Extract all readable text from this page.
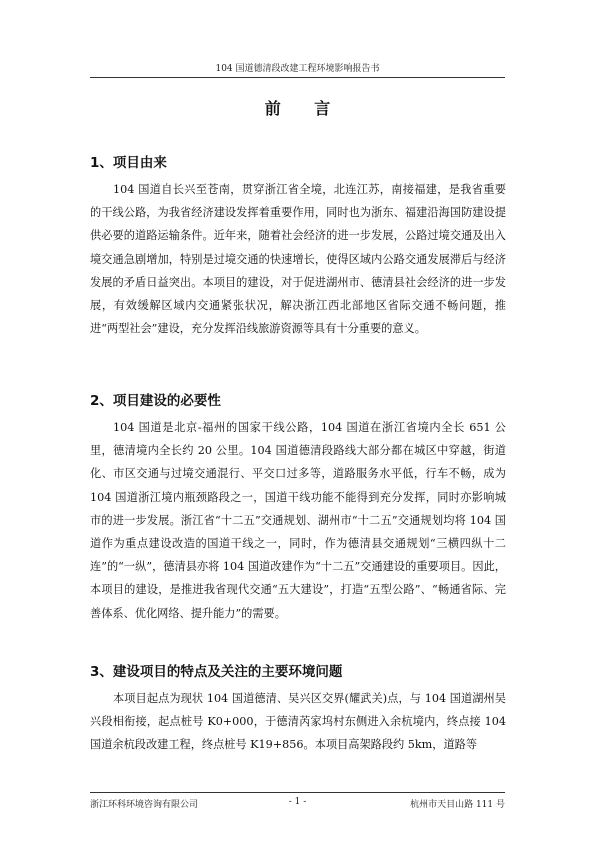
104 国道德清段改建工程环境影响报告书
前 言
1、项目由来

104 国道自长兴至苍南，贯穿浙江省全境，北连江苏，南接福建，是我省重要的干线公路，为我省经济建设发挥着重要作用，同时也为浙东、福建沿海国防建设提供必要的道路运输条件。近年来，随着社会经济的进一步发展，公路过境交通及出入境交通急剧增加，特别是过境交通的快速增长，使得区域内公路交通发展滞后与经济发展的矛盾日益突出。本项目的建设，对于促进湖州市、德清县社会经济的进一步发展，有效缓解区域内交通紧张状况，解决浙江西北部地区省际交通不畅问题，推进“两型社会”建设，充分发挥沿线旅游资源等具有十分重要的意义。

2、项目建设的必要性

104 国道是北京-福州的国家干线公路，104 国道在浙江省境内全长 651 公里，德清境内全长约 20 公里。104 国道德清段路线大部分都在城区中穿越，街道化、市区交通与过境交通混行、平交口过多等，道路服务水平低，行车不畅，成为 104 国道浙江境内瓶颈路段之一，国道干线功能不能得到充分发挥，同时亦影响城市的进一步发展。浙江省“十二五”交通规划、湖州市“十二五”交通规划均将 104 国道作为重点建设改造的国道干线之一，同时，作为德清县交通规划“三横四纵十二连”的“一纵”，德清县亦将 104 国道改建作为“十二五”交通建设的重要项目。因此，本项目的建设，是推进我省现代交通“五大建设”，打造“五型公路”、“畅通省际、完善体系、优化网络、提升能力”的需要。

3、建设项目的特点及关注的主要环境问题

本项目起点为现状 104 国道德清、吴兴区交界(耀武关)点，与 104 国道湖州吴兴段相衔接，起点桩号 K0+000，于德清芮家坞村东侧进入余杭境内，终点接 104 国道余杭段改建工程，终点桩号 K19+856。本项目高架路段约 5km，道路等

浙江环科环境咨询有限公司	- 1 -	杭州市天目山路 111 号
